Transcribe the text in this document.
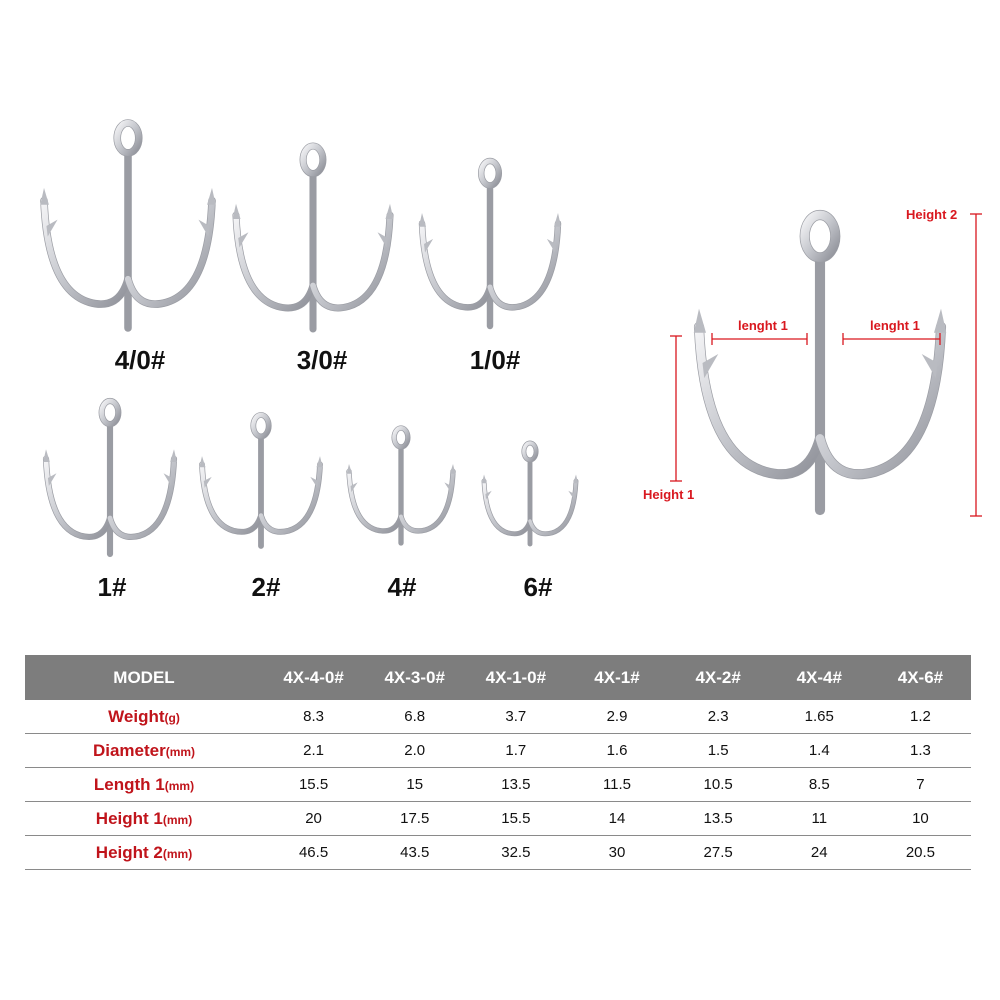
4/0#	3/0#	1/0#
1#	2#	4#	6#
lenght 1	lenght 1
Height 1
Height 2
MODEL	4X-4-0#	4X-3-0#	4X-1-0#	4X-1#	4X-2#	4X-4#	4X-6#
Weight(g)	8.3	6.8	3.7	2.9	2.3	1.65	1.2
Diameter(mm)	2.1	2.0	1.7	1.6	1.5	1.4	1.3
Length 1(mm)	15.5	15	13.5	11.5	10.5	8.5	7
Height 1(mm)	20	17.5	15.5	14	13.5	11	10
Height 2(mm)	46.5	43.5	32.5	30	27.5	24	20.5
